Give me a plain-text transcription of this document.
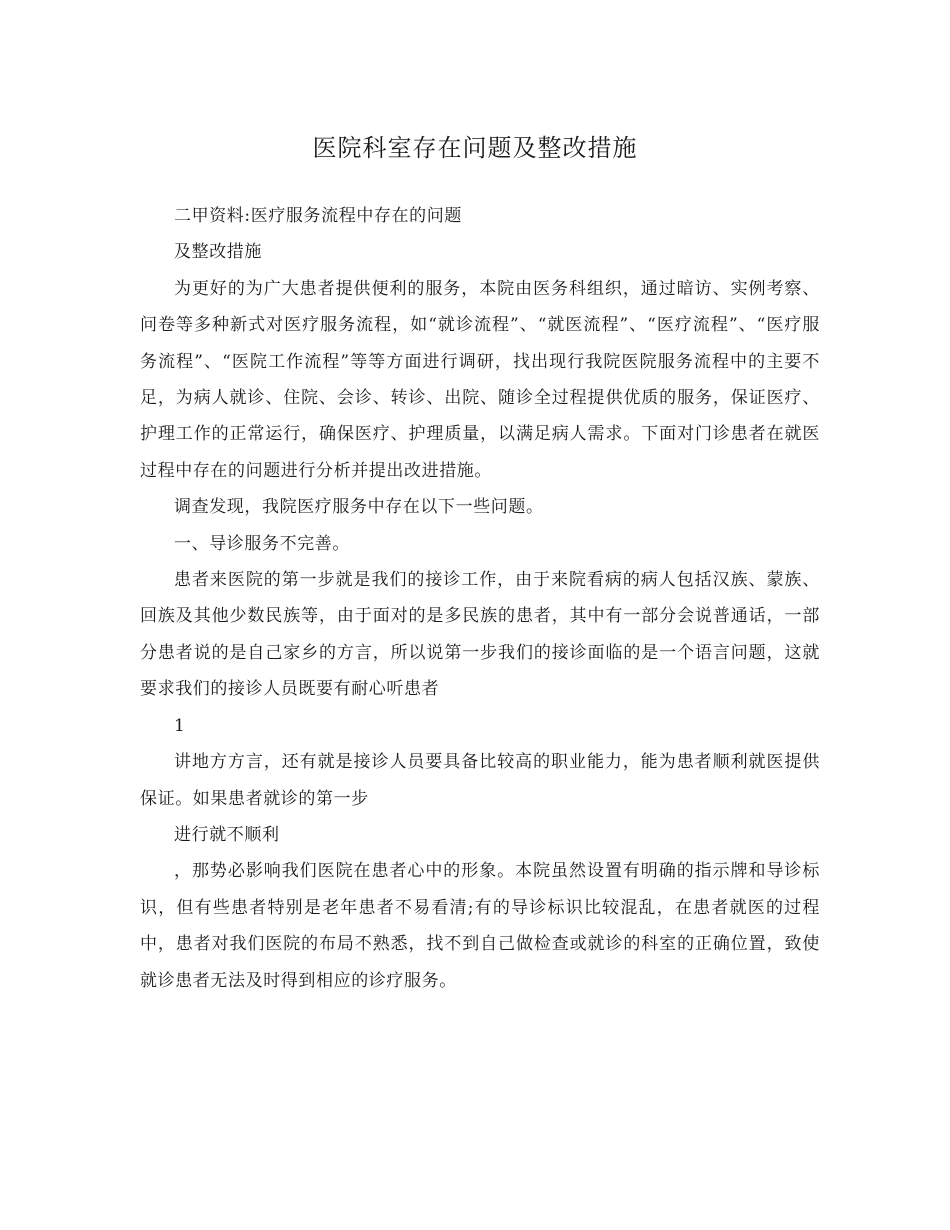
医院科室存在问题及整改措施

二甲资料:医疗服务流程中存在的问题

及整改措施

为更好的为广大患者提供便利的服务，本院由医务科组织，通过暗访、实例考察、问卷等多种新式对医疗服务流程，如“就诊流程”、“就医流程”、“医疗流程”、“医疗服务流程”、“医院工作流程”等等方面进行调研，找出现行我院医院服务流程中的主要不足，为病人就诊、住院、会诊、转诊、出院、随诊全过程提供优质的服务，保证医疗、护理工作的正常运行，确保医疗、护理质量，以满足病人需求。下面对门诊患者在就医过程中存在的问题进行分析并提出改进措施。

调查发现，我院医疗服务中存在以下一些问题。

一、导诊服务不完善。

患者来医院的第一步就是我们的接诊工作，由于来院看病的病人包括汉族、蒙族、回族及其他少数民族等，由于面对的是多民族的患者，其中有一部分会说普通话，一部分患者说的是自己家乡的方言，所以说第一步我们的接诊面临的是一个语言问题，这就要求我们的接诊人员既要有耐心听患者

1

讲地方方言，还有就是接诊人员要具备比较高的职业能力，能为患者顺利就医提供保证。如果患者就诊的第一步

进行就不顺利

，那势必影响我们医院在患者心中的形象。本院虽然设置有明确的指示牌和导诊标识，但有些患者特别是老年患者不易看清;有的导诊标识比较混乱，在患者就医的过程中，患者对我们医院的布局不熟悉，找不到自己做检查或就诊的科室的正确位置，致使就诊患者无法及时得到相应的诊疗服务。
